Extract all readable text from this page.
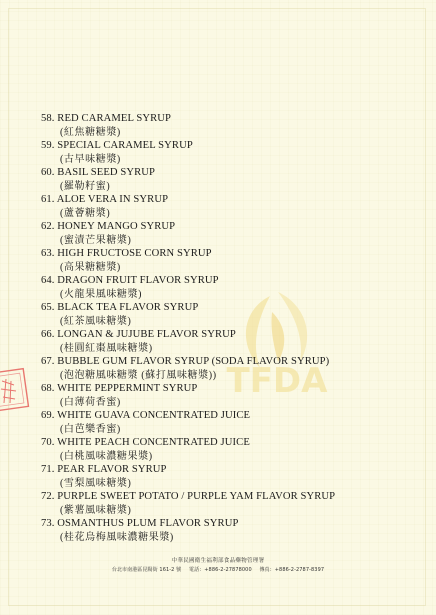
TFDA
58. RED CARAMEL SYRUP
(紅焦糖糖漿)
59. SPECIAL CARAMEL SYRUP
(古早味糖漿)
60. BASIL SEED SYRUP
(羅勒籽蜜)
61. ALOE VERA IN SYRUP
(蘆薈糖漿)
62. HONEY MANGO SYRUP
(蜜漬芒果糖漿)
63. HIGH FRUCTOSE CORN SYRUP
(高果糖糖漿)
64. DRAGON FRUIT FLAVOR SYRUP
(火龍果風味糖漿)
65. BLACK TEA FLAVOR SYRUP
(紅茶風味糖漿)
66. LONGAN & JUJUBE FLAVOR SYRUP
(桂圓紅棗風味糖漿)
67. BUBBLE GUM FLAVOR SYRUP (SODA FLAVOR SYRUP)
(泡泡糖風味糖漿 (蘇打風味糖漿))
68. WHITE PEPPERMINT SYRUP
(白薄荷香蜜)
69. WHITE GUAVA CONCENTRATED JUICE
(白芭樂香蜜)
70. WHITE PEACH CONCENTRATED JUICE
(白桃風味濃糖果漿)
71. PEAR FLAVOR SYRUP
(雪梨風味糖漿)
72. PURPLE SWEET POTATO / PURPLE YAM FLAVOR SYRUP
(紫薯風味糖漿)
73. OSMANTHUS PLUM FLAVOR SYRUP
(桂花烏梅風味濃糖果漿)
中華民國衛生福利部食品藥物管理署
台北市南港區昆陽街 161-2 號 電話：+886-2-27878000 傳真：+886-2-2787-8397
